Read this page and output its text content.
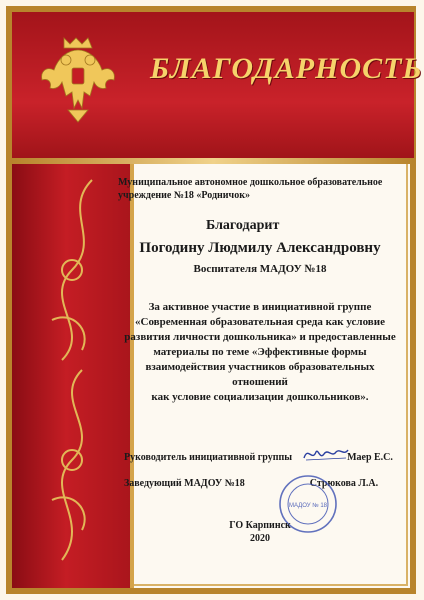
БЛАГОДАРНОСТЬ
Муниципальное автономное дошкольное образовательное
учреждение №18 «Родничок»
Благодарит
Погодину Людмилу Александровну
Воспитателя МАДОУ №18
За активное участие в инициативной группе
«Современная образовательная среда как условие
развития личности дошкольника» и предоставленные
материалы по теме «Эффективные формы
взаимодействия участников образовательных отношений
как условие социализации дошкольников».
Руководитель инициативной группы	Маер Е.С.
Заведующий МАДОУ №18	Стрюкова Л.А.
МАДОУ № 18
ГО Карпинск
2020
